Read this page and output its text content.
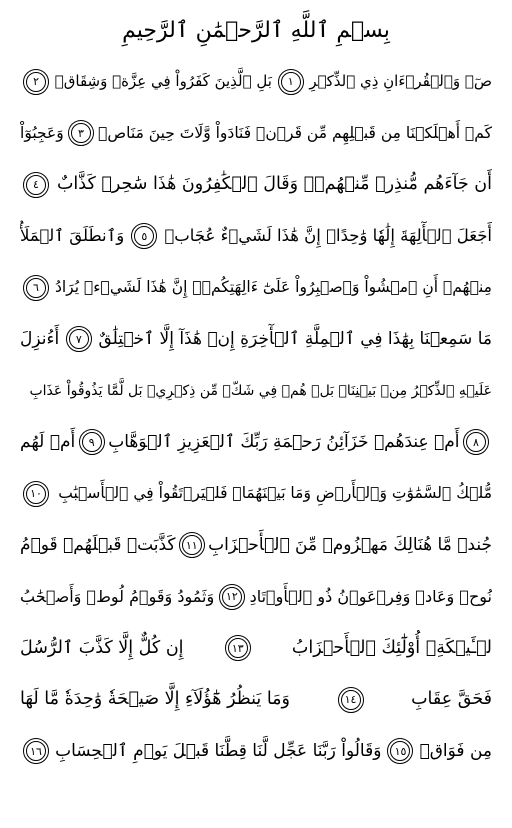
بِسۡمِ ٱللَّهِ ٱلرَّحۡمَٰنِ ٱلرَّحِيمِ
صٓۚ وَٱلۡقُرۡءَانِ ذِي ٱلذِّكۡرِ
١
بَلِ ٱلَّذِينَ كَفَرُواْ فِي عِزَّةٖ وَشِقَاقٖ
٢
كَمۡ أَهۡلَكۡنَا مِن قَبۡلِهِم مِّن قَرۡنٖ فَنَادَواْ وَّلَاتَ حِينَ مَنَاصٖ
٣
وَعَجِبُوٓاْ
أَن جَآءَهُم مُّنذِرٞ مِّنۡهُمۡۖ وَقَالَ ٱلۡكَٰفِرُونَ هَٰذَا سَٰحِرٞ كَذَّابٌ
٤
أَجَعَلَ ٱلۡأٓلِهَةَ إِلَٰهٗا وَٰحِدًاۖ إِنَّ هَٰذَا لَشَيۡءٌ عُجَابٞ
٥
وَٱنطَلَقَ ٱلۡمَلَأُ
مِنۡهُمۡ أَنِ ٱمۡشُواْ وَٱصۡبِرُواْ عَلَىٰٓ ءَالِهَتِكُمۡۖ إِنَّ هَٰذَا لَشَيۡءٞ يُرَادُ
٦
مَا سَمِعۡنَا بِهَٰذَا فِي ٱلۡمِلَّةِ ٱلۡأٓخِرَةِ إِنۡ هَٰذَآ إِلَّا ٱخۡتِلَٰقٌ
٧
أَءُنزِلَ
عَلَيۡهِ ٱلذِّكۡرُ مِنۢ بَيۡنِنَاۚ بَلۡ هُمۡ فِي شَكّٖ مِّن ذِكۡرِيۚ بَل لَّمَّا يَذُوقُواْ عَذَابِ
٨
أَمۡ عِندَهُمۡ خَزَآئِنُ رَحۡمَةِ رَبِّكَ ٱلۡعَزِيزِ ٱلۡوَهَّابِ
٩
أَمۡ لَهُم
مُّلۡكُ ٱلسَّمَٰوَٰتِ وَٱلۡأَرۡضِ وَمَا بَيۡنَهُمَاۖ فَلۡيَرۡتَقُواْ فِي ٱلۡأَسۡبَٰبِ
١٠
جُندٞ مَّا هُنَالِكَ مَهۡزُومٞ مِّنَ ٱلۡأَحۡزَابِ
١١
كَذَّبَتۡ قَبۡلَهُمۡ قَوۡمُ
نُوحٖ وَعَادٞ وَفِرۡعَوۡنُ ذُو ٱلۡأَوۡتَادِ
١٢
وَثَمُودُ وَقَوۡمُ لُوطٖ وَأَصۡحَٰبُ
لۡـَٔيۡكَةِۚ أُوْلَٰٓئِكَ ٱلۡأَحۡزَابُ
١٣
إِن كُلٌّ إِلَّا كَذَّبَ ٱلرُّسُلَ
فَحَقَّ عِقَابِ
١٤
وَمَا يَنظُرُ هَٰٓؤُلَآءِ إِلَّا صَيۡحَةٗ وَٰحِدَةٗ مَّا لَهَا
مِن فَوَاقٖ
١٥
وَقَالُواْ رَبَّنَا عَجِّل لَّنَا قِطَّنَا قَبۡلَ يَوۡمِ ٱلۡحِسَابِ
١٦
